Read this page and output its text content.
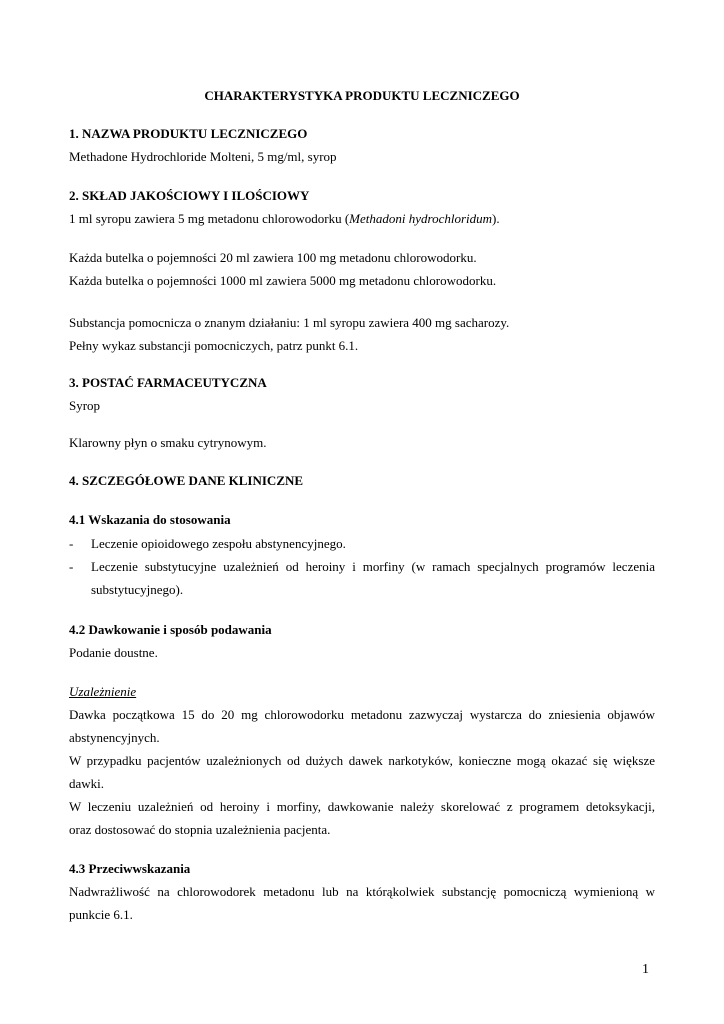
CHARAKTERYSTYKA PRODUKTU LECZNICZEGO
1. NAZWA PRODUKTU LECZNICZEGO
Methadone Hydrochloride Molteni, 5 mg/ml, syrop
2. SKŁAD JAKOŚCIOWY I ILOŚCIOWY
1 ml syropu zawiera 5 mg metadonu chlorowodorku (Methadoni hydrochloridum).
Każda butelka o pojemności 20 ml zawiera 100 mg metadonu chlorowodorku.
Każda butelka o pojemności 1000 ml zawiera 5000 mg metadonu chlorowodorku.
Substancja pomocnicza o znanym działaniu: 1 ml syropu zawiera 400 mg sacharozy.
Pełny wykaz substancji pomocniczych, patrz punkt 6.1.
3. POSTAĆ FARMACEUTYCZNA
Syrop
Klarowny płyn o smaku cytrynowym.
4. SZCZEGÓŁOWE DANE KLINICZNE
4.1 Wskazania do stosowania
- Leczenie opioidowego zespołu abstynencyjnego.
- Leczenie substytucyjne uzależnień od heroiny i morfiny (w ramach specjalnych programów leczenia
substytucyjnego).
4.2 Dawkowanie i sposób podawania
Podanie doustne.
Uzależnienie
Dawka początkowa 15 do 20 mg chlorowodorku metadonu zazwyczaj wystarcza do zniesienia objawów
abstynencyjnych.
W przypadku pacjentów uzależnionych od dużych dawek narkotyków, konieczne mogą okazać się większe
dawki.
W leczeniu uzależnień od heroiny i morfiny, dawkowanie należy skorelować z programem detoksykacji,
oraz dostosować do stopnia uzależnienia pacjenta.
4.3 Przeciwwskazania
Nadwrażliwość na chlorowodorek metadonu lub na którąkolwiek substancję pomocniczą wymienioną w
punkcie 6.1.
1
